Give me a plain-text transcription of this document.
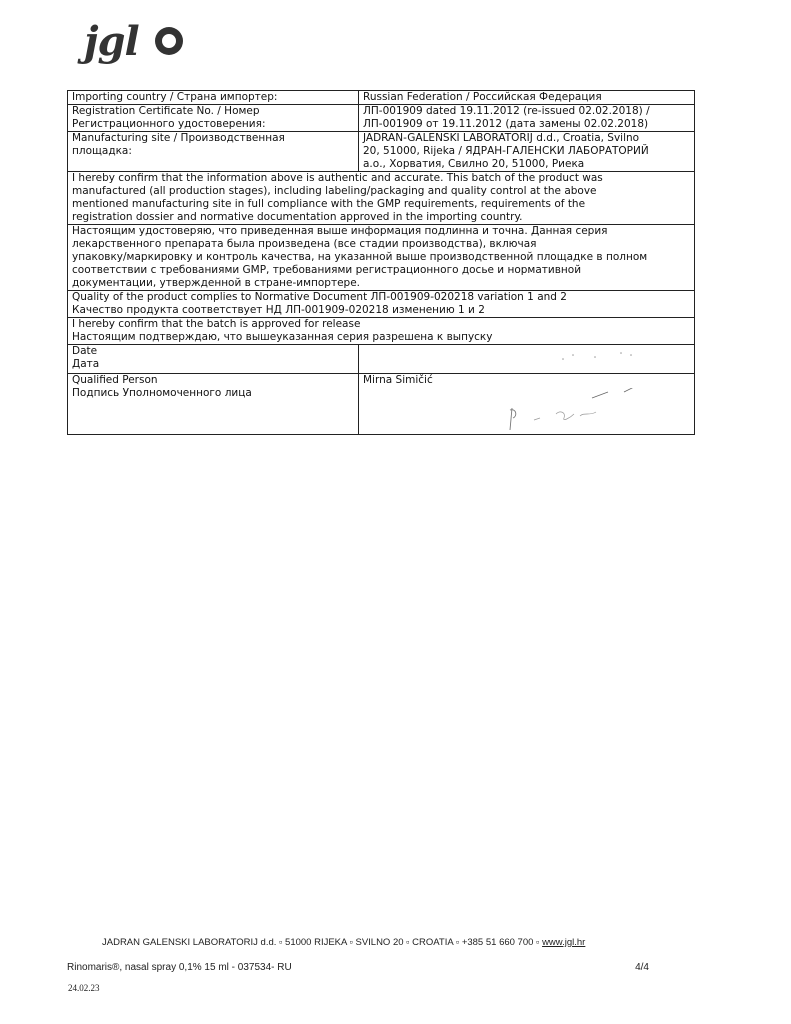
jgl
Importing country / Страна импортер:	Russian Federation / Российская Федерация

Registration Certificate No. / Номер
Регистрационного удостоверения:	ЛП-001909 dated 19.11.2012 (re-issued 02.02.2018) /
ЛП-001909 от 19.11.2012 (дата замены 02.02.2018)

Manufacturing site / Производственная
площадка:	JADRAN-GALENSKI LABORATORIJ d.d., Croatia, Svilno
20, 51000, Rijeka / ЯДРАН-ГАЛЕНСКИ ЛАБОРАТОРИЙ
а.о., Хорватия, Свилно 20, 51000, Риека

I hereby confirm that the information above is authentic and accurate. This batch of the product was
manufactured (all production stages), including labeling/packaging and quality control at the above
mentioned manufacturing site in full compliance with the GMP requirements, requirements of the
registration dossier and normative documentation approved in the importing country.	

Настоящим удостоверяю, что приведенная выше информация подлинна и точна. Данная серия
лекарственного препарата была произведена (все стадии производства), включая
упаковку/маркировку и контроль качества, на указанной выше производственной площадке в полном
соответствии с требованиями GMP, требованиями регистрационного досье и нормативной
документации, утвержденной в стране-импортере.	

Quality of the product complies to Normative Document ЛП-001909-020218 variation 1 and 2
Качество продукта соответствует НД ЛП-001909-020218 изменению 1 и 2	

I hereby confirm that the batch is approved for release
Настоящим подтверждаю, что вышеуказанная серия разрешена к выпуску	

Date
Дата

Qualified Person
Подпись Уполномоченного лица	Mirna Simičić
JADRAN GALENSKI LABORATORIJ d.d. ▫ 51000 RIJEKA ▫ SVILNO 20 ▫ CROATIA ▫ +385 51 660 700 ▫ www.jgl.hr
Rinomaris®, nasal spray 0,1% 15 ml - 037534- RU	4/4
24.02.23
